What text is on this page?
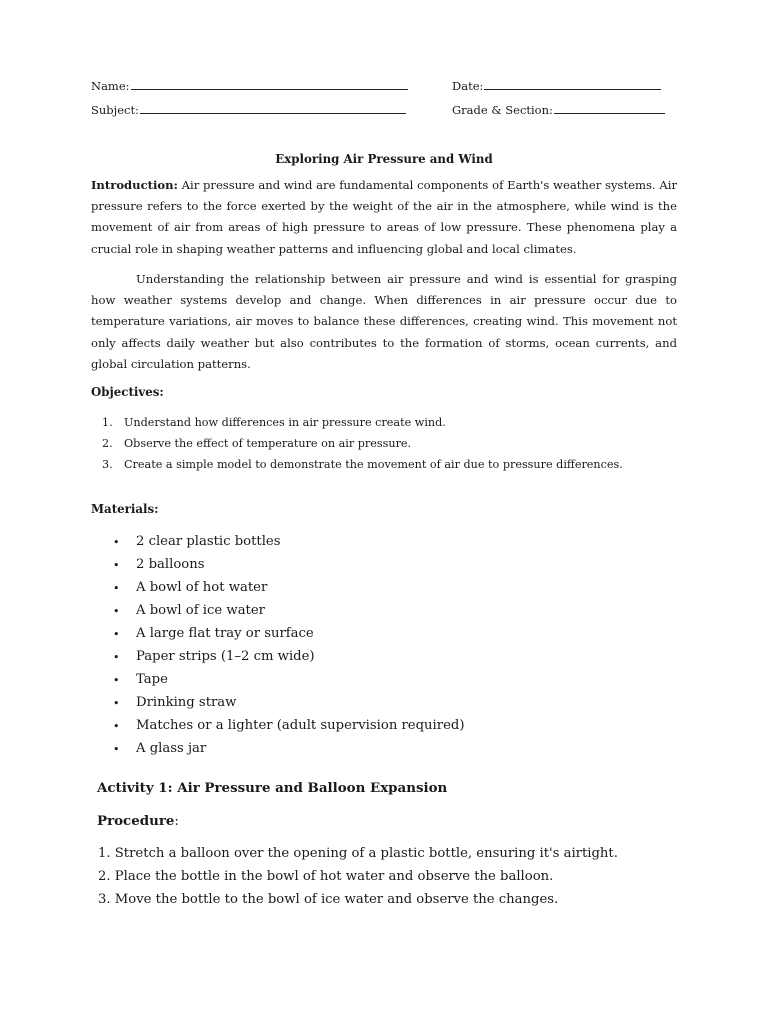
Name:	Date:
Subject:	Grade & Section:
Exploring Air Pressure and Wind
Introduction: Air pressure and wind are fundamental components of Earth's weather systems. Air pressure refers to the force exerted by the weight of the air in the atmosphere, while wind is the movement of air from areas of high pressure to areas of low pressure. These phenomena play a crucial role in shaping weather patterns and influencing global and local climates.
Understanding the relationship between air pressure and wind is essential for grasping how weather systems develop and change. When differences in air pressure occur due to temperature variations, air moves to balance these differences, creating wind. This movement not only affects daily weather but also contributes to the formation of storms, ocean currents, and global circulation patterns.
Objectives:
1. Understand how differences in air pressure create wind.
2. Observe the effect of temperature on air pressure.
3. Create a simple model to demonstrate the movement of air due to pressure differences.
Materials:
• 2 clear plastic bottles
• 2 balloons
• A bowl of hot water
• A bowl of ice water
• A large flat tray or surface
• Paper strips (1–2 cm wide)
• Tape
• Drinking straw
• Matches or a lighter (adult supervision required)
• A glass jar
Activity 1: Air Pressure and Balloon Expansion
Procedure:
1. Stretch a balloon over the opening of a plastic bottle, ensuring it's airtight.
2. Place the bottle in the bowl of hot water and observe the balloon.
3. Move the bottle to the bowl of ice water and observe the changes.
